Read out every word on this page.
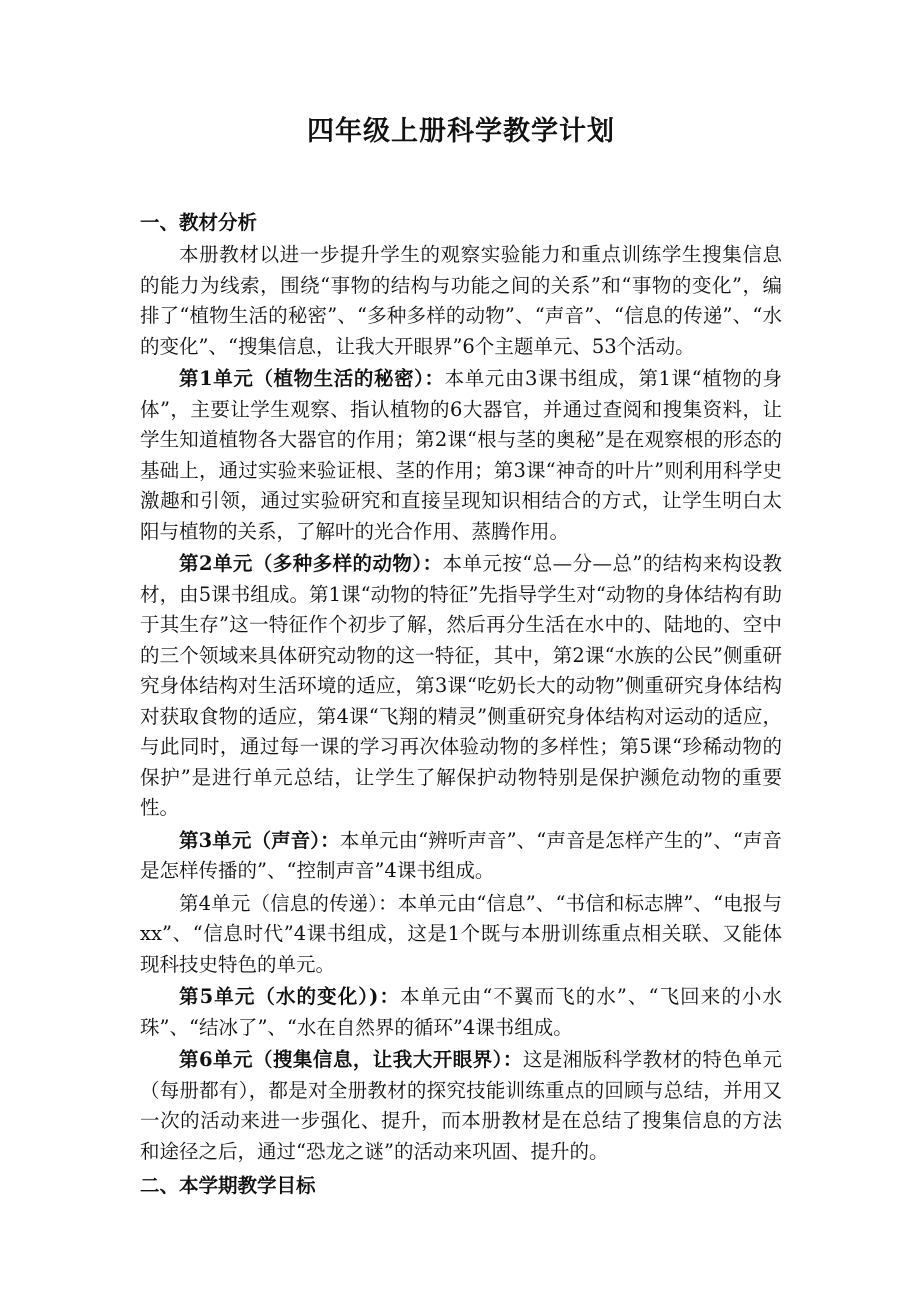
四年级上册科学教学计划
一、教材分析

本册教材以进一步提升学生的观察实验能力和重点训练学生搜集信息的能力为线索，围绕“事物的结构与功能之间的关系”和“事物的变化”，编排了“植物生活的秘密”、“多种多样的动物”、“声音”、“信息的传递”、“水的变化”、“搜集信息，让我大开眼界”6个主题单元、53个活动。

第1单元（植物生活的秘密）：本单元由3课书组成，第1课“植物的身体”，主要让学生观察、指认植物的6大器官，并通过查阅和搜集资料，让学生知道植物各大器官的作用；第2课“根与茎的奥秘”是在观察根的形态的基础上，通过实验来验证根、茎的作用；第3课“神奇的叶片”则利用科学史激趣和引领，通过实验研究和直接呈现知识相结合的方式，让学生明白太阳与植物的关系，了解叶的光合作用、蒸腾作用。

第2单元（多种多样的动物）：本单元按“总—分—总”的结构来构设教材，由5课书组成。第1课“动物的特征”先指导学生对“动物的身体结构有助于其生存”这一特征作个初步了解，然后再分生活在水中的、陆地的、空中的三个领域来具体研究动物的这一特征，其中，第2课“水族的公民”侧重研究身体结构对生活环境的适应，第3课“吃奶长大的动物”侧重研究身体结构对获取食物的适应，第4课“飞翔的精灵”侧重研究身体结构对运动的适应，与此同时，通过每一课的学习再次体验动物的多样性；第5课“珍稀动物的保护”是进行单元总结，让学生了解保护动物特别是保护濒危动物的重要性。

第3单元（声音）：本单元由“辨听声音”、“声音是怎样产生的”、“声音是怎样传播的”、“控制声音”4课书组成。

第4单元（信息的传递）：本单元由“信息”、“书信和标志牌”、“电报与xx”、“信息时代”4课书组成，这是1个既与本册训练重点相关联、又能体现科技史特色的单元。

第5单元（水的变化）)：本单元由“不翼而飞的水”、“飞回来的小水珠”、“结冰了”、“水在自然界的循环”4课书组成。

第6单元（搜集信息，让我大开眼界）：这是湘版科学教材的特色单元（每册都有），都是对全册教材的探究技能训练重点的回顾与总结，并用又一次的活动来进一步强化、提升，而本册教材是在总结了搜集信息的方法和途径之后，通过“恐龙之谜”的活动来巩固、提升的。

二、本学期教学目标
